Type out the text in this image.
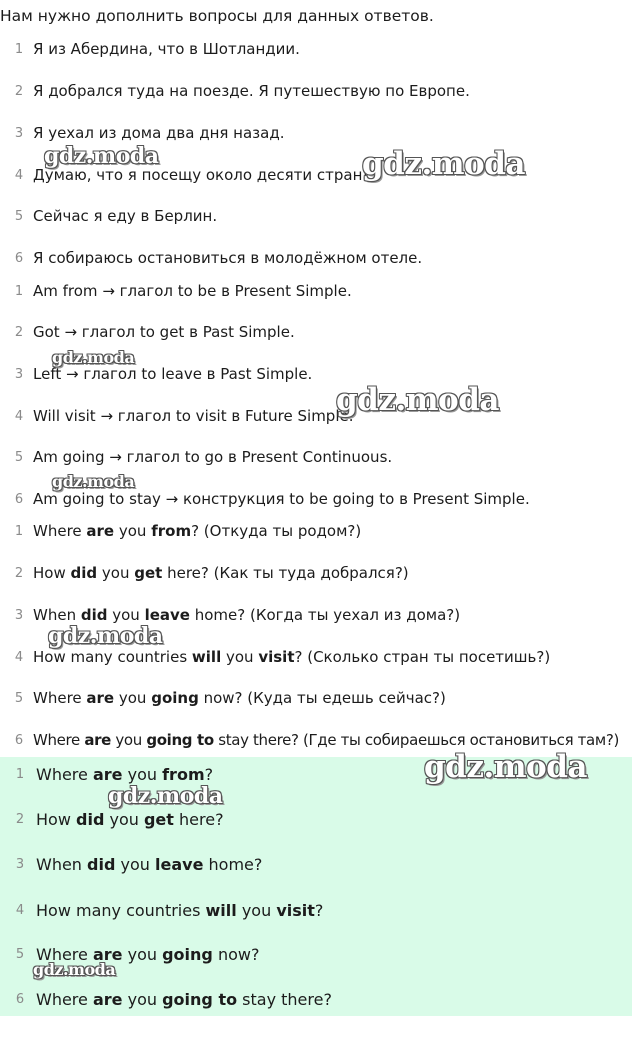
Нам нужно дополнить вопросы для данных ответов.
1 Я из Абердина, что в Шотландии.
2 Я добрался туда на поезде. Я путешествую по Европе.
3 Я уехал из дома два дня назад.
4 Думаю, что я посещу около десяти стран!
5 Сейчас я еду в Берлин.
6 Я собираюсь остановиться в молодёжном отеле.
1 Am from → глагол to be в Present Simple.
2 Got → глагол to get в Past Simple.
3 Left → глагол to leave в Past Simple.
4 Will visit → глагол to visit в Future Simple.
5 Am going → глагол to go в Present Continuous.
6 Am going to stay → конструкция to be going to в Present Simple.
1 Where are you from? (Откуда ты родом?)
2 How did you get here? (Как ты туда добрался?)
3 When did you leave home? (Когда ты уехал из дома?)
4 How many countries will you visit? (Сколько стран ты посетишь?)
5 Where are you going now? (Куда ты едешь сейчас?)
6 Where are you going to stay there? (Где ты собираешься остановиться там?)
1 Where are you from?
2 How did you get here?
3 When did you leave home?
4 How many countries will you visit?
5 Where are you going now?
6 Where are you going to stay there?
gdz.moda	gdz.moda
gdz.moda
gdz.moda
gdz.moda
gdz.moda
gdz.moda
gdz.moda
gdz.moda
